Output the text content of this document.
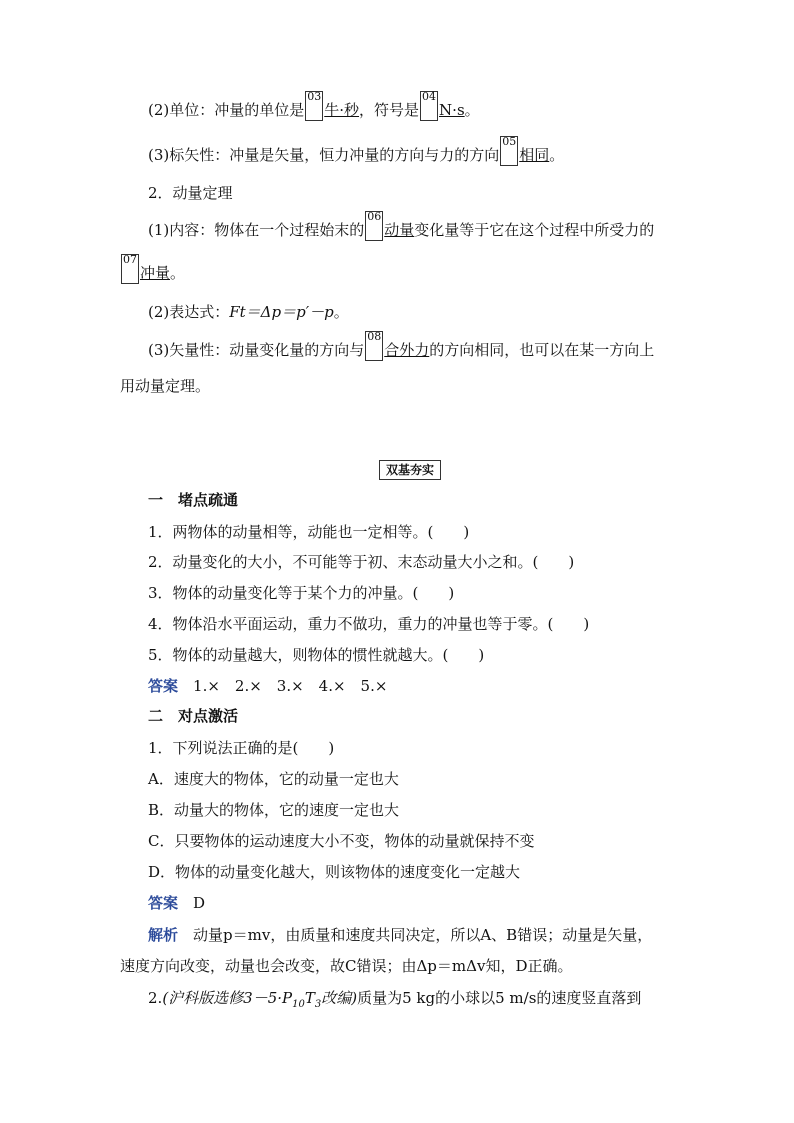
(2)单位：冲量的单位是03牛·秒，符号是04N·s。
(3)标矢性：冲量是矢量，恒力冲量的方向与力的方向05相同。
2．动量定理
(1)内容：物体在一个过程始末的06动量变化量等于它在这个过程中所受力的
07冲量。
(2)表达式：Ft＝Δp＝p′－p。
(3)矢量性：动量变化量的方向与08合外力的方向相同，也可以在某一方向上
用动量定理。
双基夯实
一　堵点疏通
1．两物体的动量相等，动能也一定相等。(　　)
2．动量变化的大小，不可能等于初、末态动量大小之和。(　　)
3．物体的动量变化等于某个力的冲量。(　　)
4．物体沿水平面运动，重力不做功，重力的冲量也等于零。(　　)
5．物体的动量越大，则物体的惯性就越大。(　　)
答案　 1.×　2.×　3.×　4.×　5.×
二　对点激活
1．下列说法正确的是(　　)
A．速度大的物体，它的动量一定也大
B．动量大的物体，它的速度一定也大
C．只要物体的运动速度大小不变，物体的动量就保持不变
D．物体的动量变化越大，则该物体的速度变化一定越大
答案　 D
解析　 动量p＝mv，由质量和速度共同决定，所以A、B错误；动量是矢量，
速度方向改变，动量也会改变，故C错误；由Δp＝mΔv知，D正确。
2.(沪科版选修$3-5\cdot P_{10}T_3$改编)质量为5 kg的小球以5 m/s的速度竖直落到
